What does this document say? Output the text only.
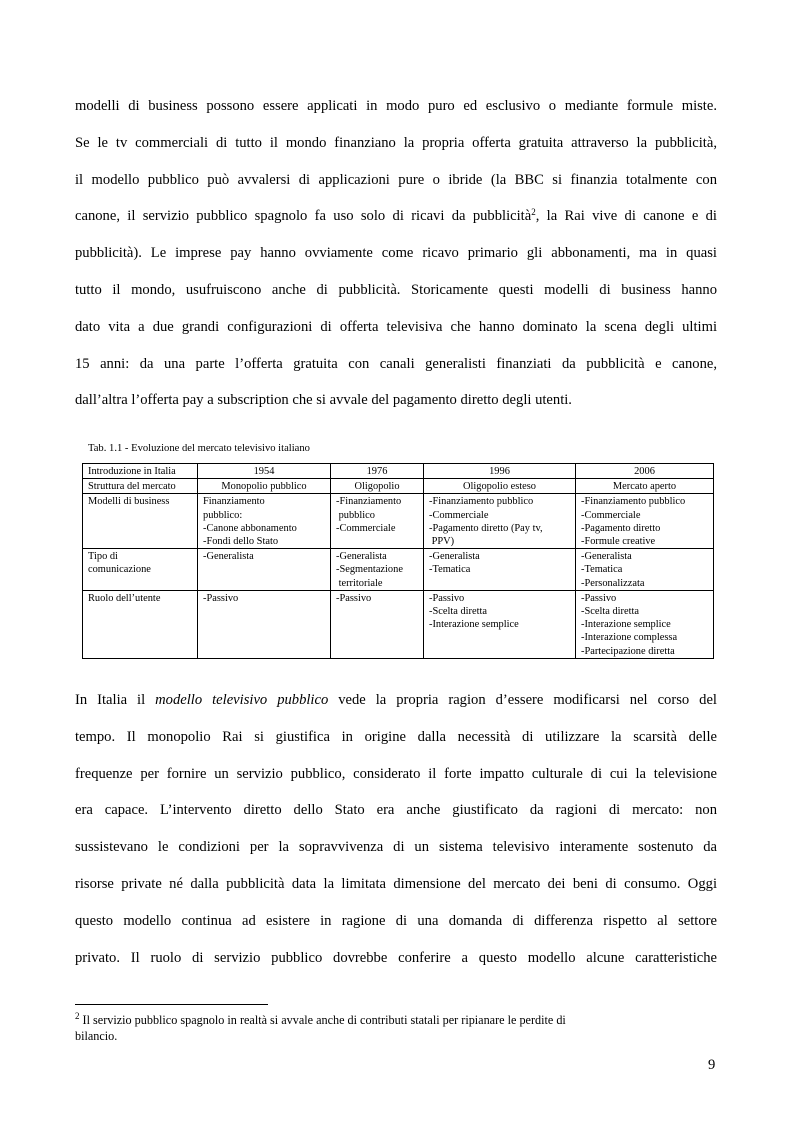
modelli di business possono essere applicati in modo puro ed esclusivo o mediante formule miste.
Se le tv commerciali di tutto il mondo finanziano la propria offerta gratuita attraverso la pubblicità,
il modello pubblico può avvalersi di applicazioni pure o ibride (la BBC si finanzia totalmente con
canone, il servizio pubblico spagnolo fa uso solo di ricavi da pubblicità$^2$, la Rai vive di canone e di
pubblicità). Le imprese pay hanno ovviamente come ricavo primario gli abbonamenti, ma in quasi
tutto il mondo, usufruiscono anche di pubblicità. Storicamente questi modelli di business hanno
dato vita a due grandi configurazioni di offerta televisiva che hanno dominato la scena degli ultimi
15 anni: da una parte l’offerta gratuita con canali generalisti finanziati da pubblicità e canone,
dall’altra l’offerta pay a subscription che si avvale del pagamento diretto degli utenti.
Tab. 1.1 - Evoluzione del mercato televisivo italiano
Introduzione in Italia	1954	1976	1996	2006

Struttura del mercato	Monopolio pubblico	Oligopolio	Oligopolio esteso	Mercato aperto

Modelli di business	Finanziamento
pubblico:
-Canone abbonamento
-Fondi dello Stato	-Finanziamento
pubblico
-Commerciale	-Finanziamento pubblico
-Commerciale
-Pagamento diretto (Pay tv,
PPV)	-Finanziamento pubblico
-Commerciale
-Pagamento diretto
-Formule creative

Tipo di
comunicazione	-Generalista	-Generalista
-Segmentazione
territoriale	-Generalista
-Tematica	-Generalista
-Tematica
-Personalizzata

Ruolo dell’utente	-Passivo	-Passivo	-Passivo
-Scelta diretta
-Interazione semplice	-Passivo
-Scelta diretta
-Interazione semplice
-Interazione complessa
-Partecipazione diretta
In Italia il modello televisivo pubblico vede la propria ragion d’essere modificarsi nel corso del
tempo. Il monopolio Rai si giustifica in origine dalla necessità di utilizzare la scarsità delle
frequenze per fornire un servizio pubblico, considerato il forte impatto culturale di cui la televisione
era capace. L’intervento diretto dello Stato era anche giustificato da ragioni di mercato: non
sussistevano le condizioni per la sopravvivenza di un sistema televisivo interamente sostenuto da
risorse private né dalla pubblicità data la limitata dimensione del mercato dei beni di consumo. Oggi
questo modello continua ad esistere in ragione di una domanda di differenza rispetto al settore
privato. Il ruolo di servizio pubblico dovrebbe conferire a questo modello alcune caratteristiche
$^2$ Il servizio pubblico spagnolo in realtà si avvale anche di contributi statali per ripianare le perdite di
bilancio.
9
